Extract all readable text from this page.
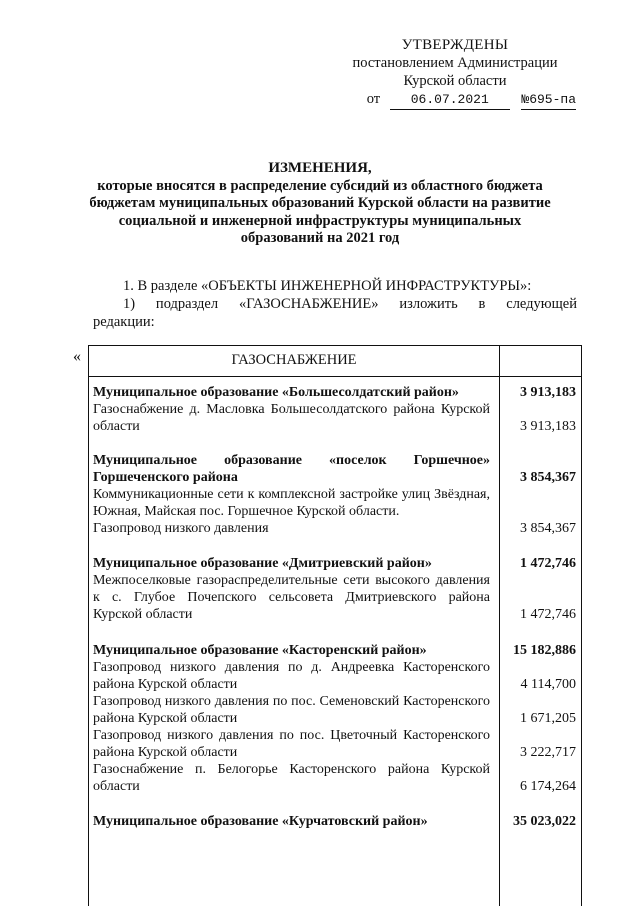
УТВЕРЖДЕНЫ
постановлением Администрации
Курской области
от 06.07.2021	№695-па
ИЗМЕНЕНИЯ,
которые вносятся в распределение субсидий из областного бюджета
бюджетам муниципальных образований Курской области на развитие
социальной и инженерной инфраструктуры муниципальных
образований на 2021 год
1. В разделе «ОБЪЕКТЫ ИНЖЕНЕРНОЙ ИНФРАСТРУКТУРЫ»:
1) подраздел «ГАЗОСНАБЖЕНИЕ» изложить в следующей
редакции:
«	ГАЗОСНАБЖЕНИЕ
Муниципальное образование «Большесолдатский район»	3 913,183
Газоснабжение д. Масловка Большесолдатского района Курской области	3 913,183
Муниципальное образование «поселок Горшечное» Горшеченского района	3 854,367
Коммуникационные сети к комплексной застройке улиц Звёздная, Южная, Майская пос. Горшечное Курской области.
Газопровод низкого давления	3 854,367
Муниципальное образование «Дмитриевский район»	1 472,746
Межпоселковые газораспределительные сети высокого давления к с. Глубое Почепского сельсовета Дмитриевского района Курской области	1 472,746
Муниципальное образование «Касторенский район»	15 182,886
Газопровод низкого давления по д. Андреевка Касторенского района Курской области	4 114,700
Газопровод низкого давления по пос. Семеновский Касторенского района Курской области	1 671,205
Газопровод низкого давления по пос. Цветочный Касторенского района Курской области	3 222,717
Газоснабжение п. Белогорье Касторенского района Курской области	6 174,264
Муниципальное образование «Курчатовский район»	35 023,022
